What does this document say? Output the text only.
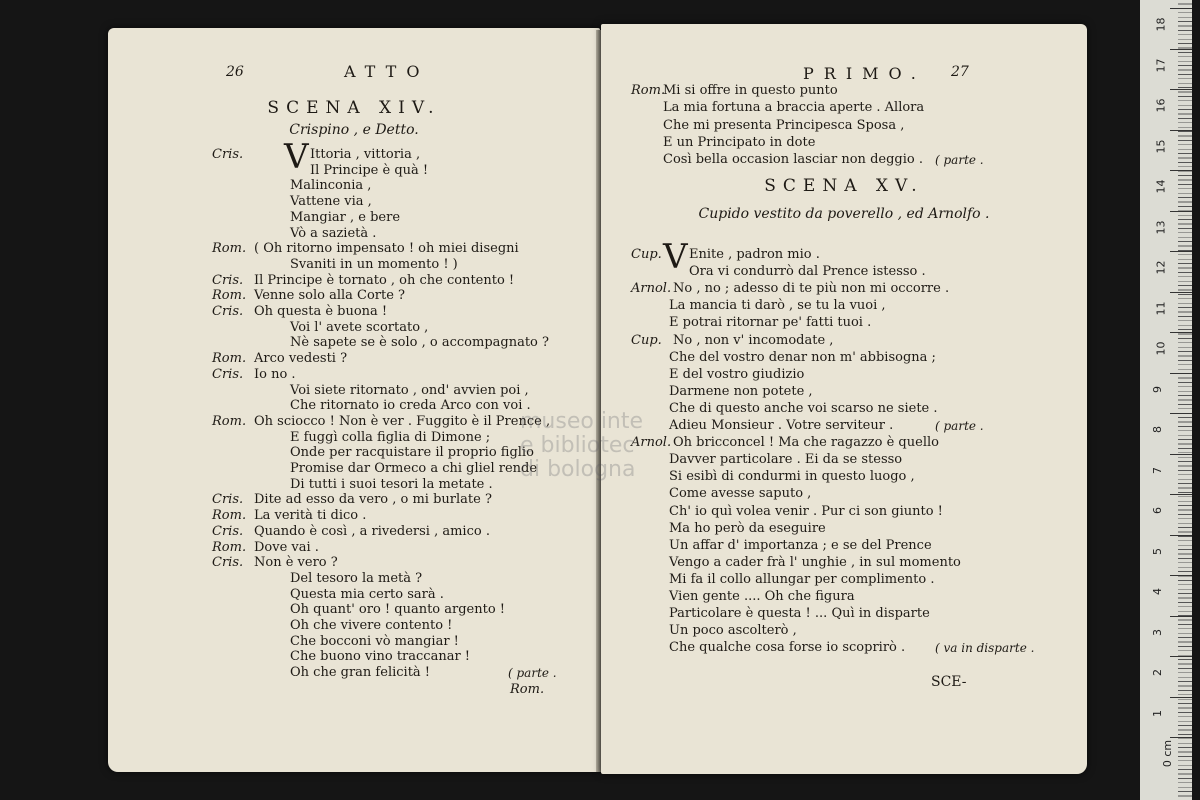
26	ATTO
SCENA XIV.
Crispino , e Detto.
Cris. V Ittoria , vittoria ,
Il Principe è quà !
Malinconia ,
Vattene via ,
Mangiar , e bere
Vò a sazietà .
Rom. ( Oh ritorno impensato ! oh miei disegni
Svaniti in un momento ! )
Cris. Il Principe è tornato , oh che contento !
Rom. Venne solo alla Corte ?
Cris. Oh questa è buona !
Voi l' avete scortato ,
Nè sapete se è solo , o accompagnato ?
Rom. Arco vedesti ?
Cris. Io no .
Voi siete ritornato , ond' avvien poi ,
Che ritornato io creda Arco con voi .
Rom. Oh sciocco ! Non è ver . Fuggito è il Prence ,
E fuggì colla figlia di Dimone ;
Onde per racquistare il proprio figlio
Promise dar Ormeco a chi gliel rende
Di tutti i suoi tesori la metate .
Cris. Dite ad esso da vero , o mi burlate ?
Rom. La verità ti dico .
Cris. Quando è così , a rivedersi , amico .
Rom. Dove vai .
Cris. Non è vero ?
Del tesoro la metà ?
Questa mia certo sarà .
Oh quant' oro ! quanto argento !
Oh che vivere contento !
Che bocconi vò mangiar !
Che buono vino traccanar !
Oh che gran felicità !	( parte .
Rom.
PRIMO. 27
Rom.
Mi si offre in questo punto
La mia fortuna a braccia aperte . Allora
Che mi presenta Principesca Sposa ,
E un Principato in dote
Così bella occasion lasciar non deggio . ( parte .
SCENA XV.
Cupido vestito da poverello , ed Arnolfo .
Cup. V Enite , padron mio .
Ora vi condurrò dal Prence istesso .
Arnol. No , no ; adesso di te più non mi occorre .
La mancia ti darò , se tu la vuoi ,
E potrai ritornar pe' fatti tuoi .
Cup. No , non v' incomodate ,
Che del vostro denar non m' abbisogna ;
E del vostro giudizio
Darmene non potete ,
Che di questo anche voi scarso ne siete .
Adieu Monsieur . Votre serviteur .	( parte .
Arnol. Oh bricconcel ! Ma che ragazzo è quello
Davver particolare . Ei da se stesso
Si esibì di condurmi in questo luogo ,
Come avesse saputo ,
Ch' io quì volea venir . Pur ci son giunto !
Ma ho però da eseguire
Un affar d' importanza ; e se del Prence
Vengo a cader frà l' unghie , in sul momento
Mi fa il collo allungar per complimento .
Vien gente .... Oh che figura
Particolare è questa ! ... Quì in disparte
Un poco ascolterò ,
Che qualche cosa forse io scoprirò . ( va in disparte .
SCE-
museo inte
e bibliotec
di bologna
18
17
16
15
14
13
12
11
10
9
8
7
6
5
4
3
2
1
0 cm
